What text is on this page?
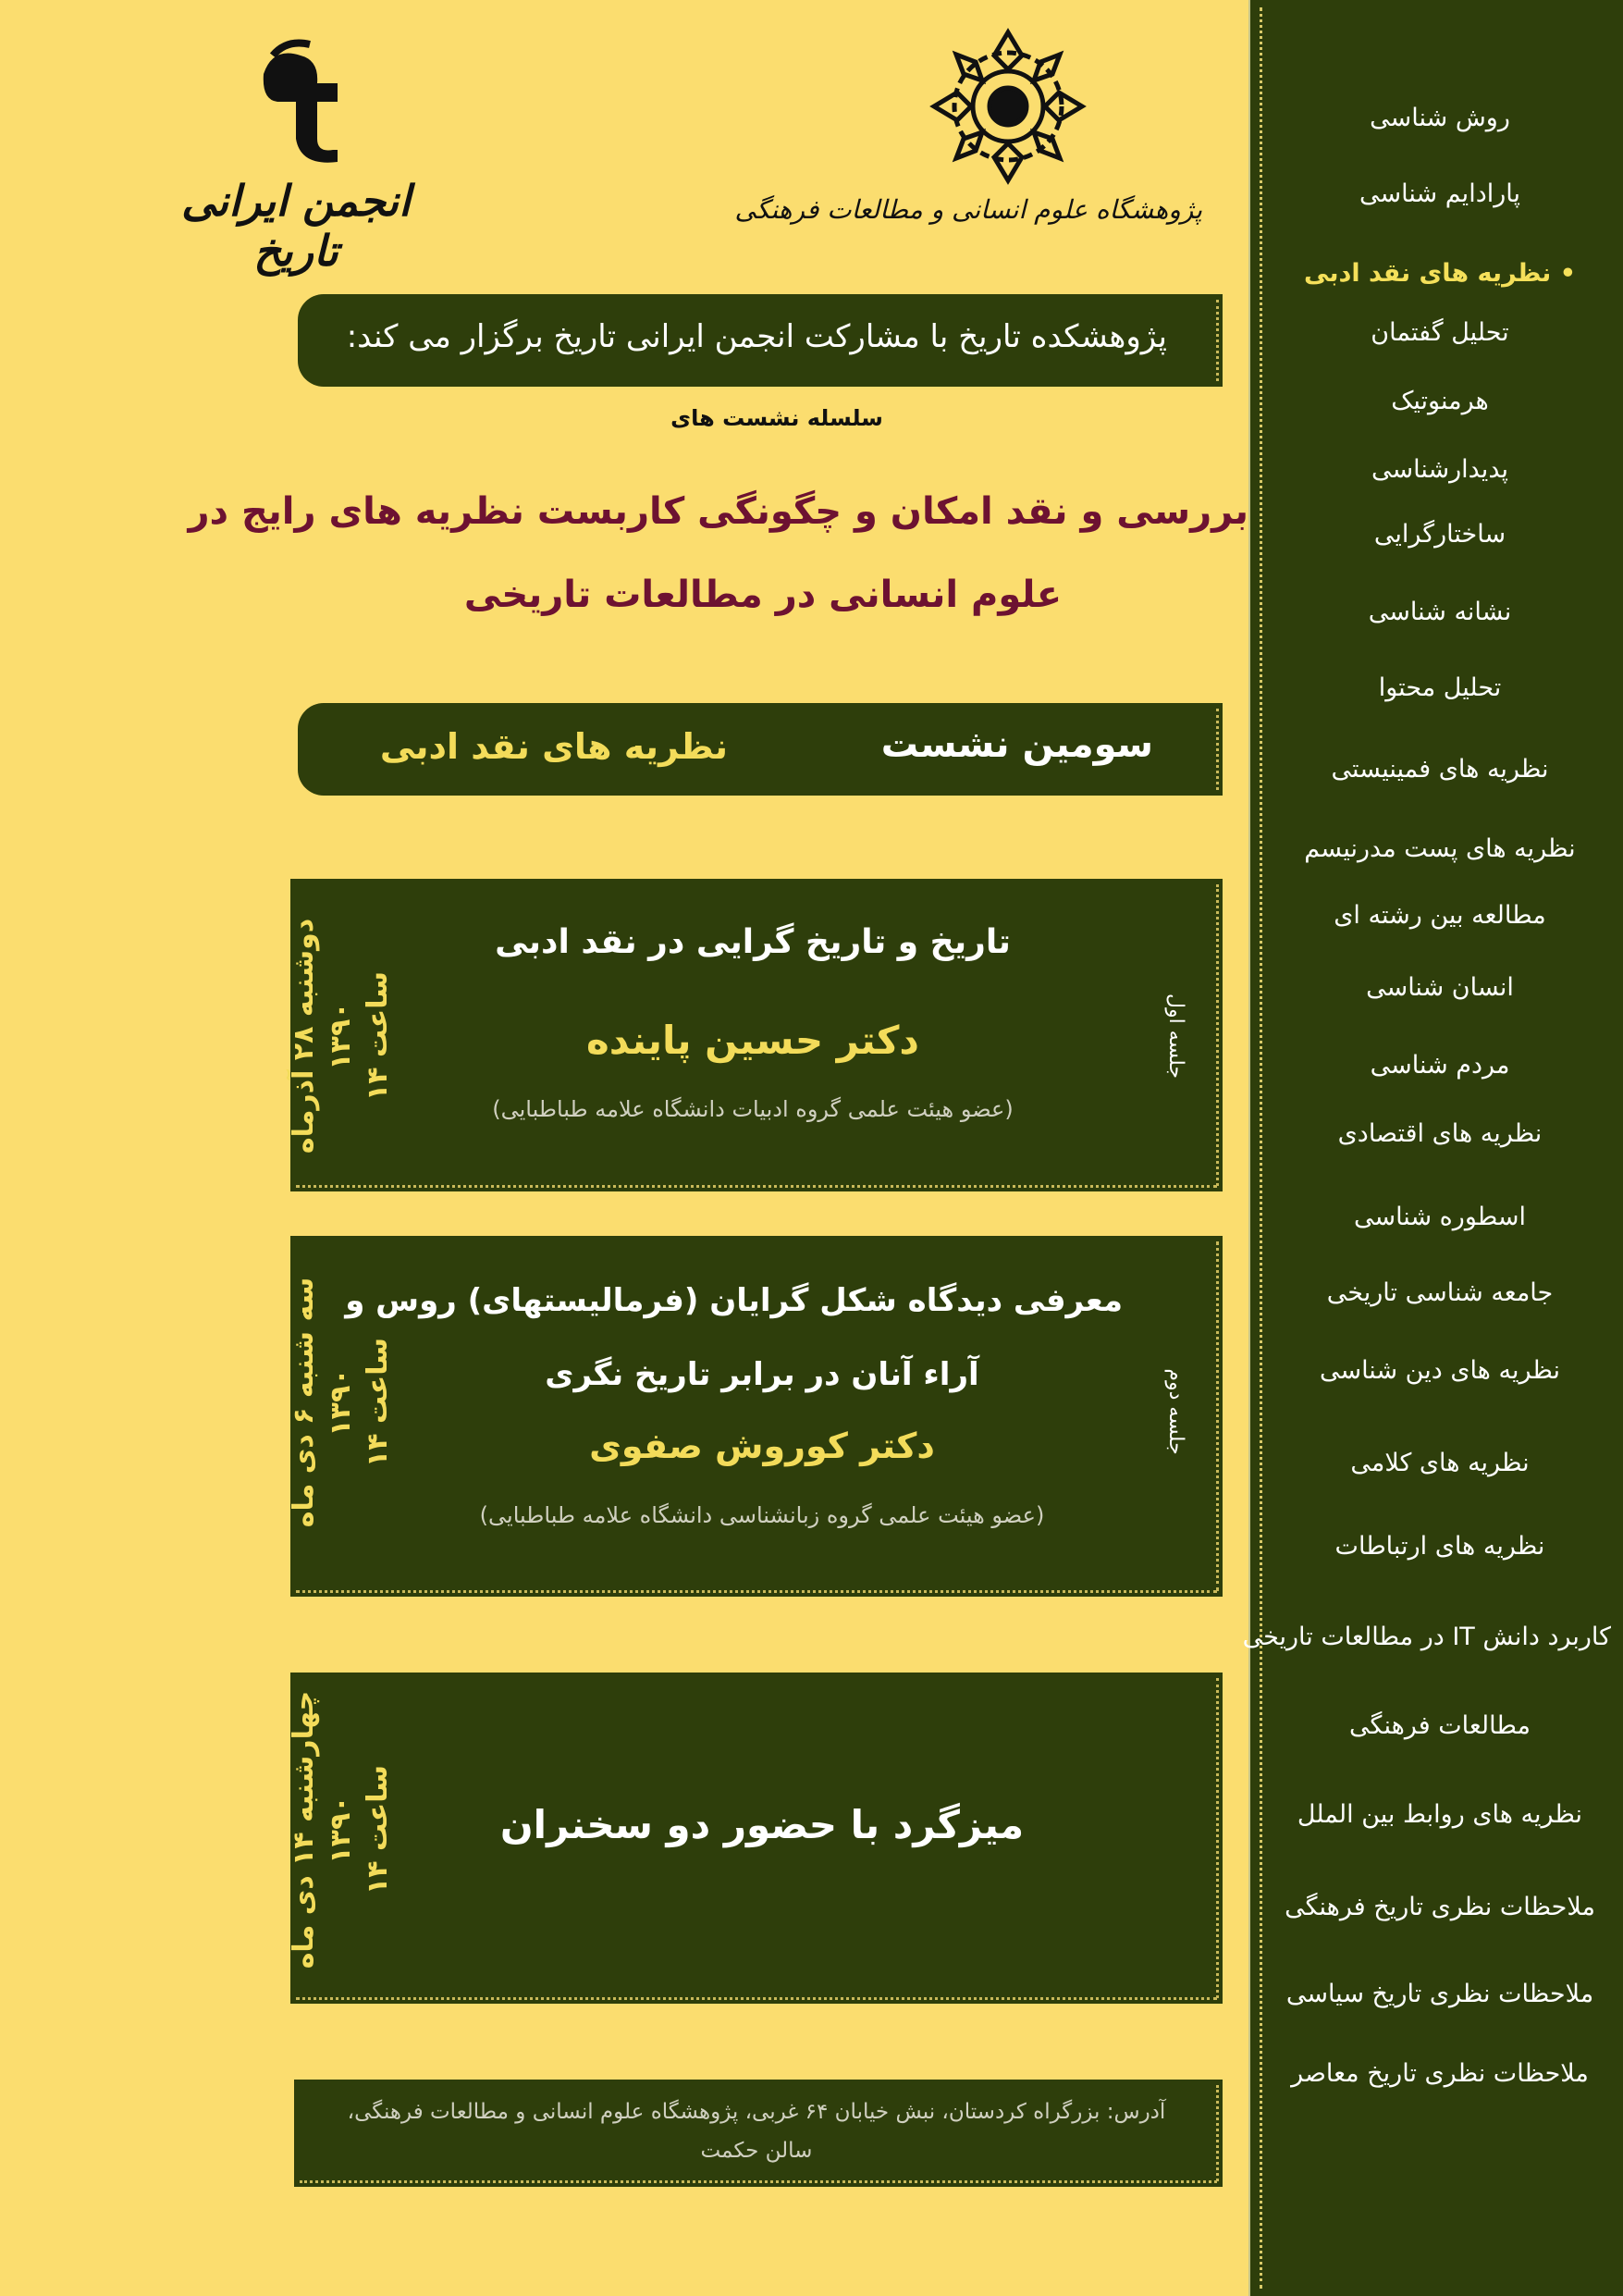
انجمن ایرانی تاریخ
پژوهشگاه علوم انسانی و مطالعات فرهنگی
پژوهشکده تاریخ با مشارکت انجمن ایرانی تاریخ برگزار می کند:
سلسله نشست های
بررسی و نقد امکان و چگونگی کاربست نظریه های رایج در
علوم انسانی در مطالعات تاریخی
سومین نشست
نظریه های نقد ادبی
دوشنبه ۲۸ آذرماه ۱۳۹۰
ساعت ۱۴	جلسه اول
تاریخ و تاریخ گرایی در نقد ادبی
دکتر حسین پاینده
(عضو هیئت علمی گروه ادبیات دانشگاه علامه طباطبایی)
سه شنبه ۶ دی ماه ۱۳۹۰
ساعت ۱۴	جلسه دوم
معرفی دیدگاه شکل گرایان (فرمالیستهای) روس و
آراء آنان در برابر تاریخ نگری
دکتر کوروش صفوی
(عضو هیئت علمی گروه زبانشناسی دانشگاه علامه طباطبایی)
چهارشنبه ۱۴ دی ماه ۱۳۹۰
ساعت ۱۴	میزگرد با حضور دو سخنران
آدرس: بزرگراه کردستان، نبش خیابان ۶۴ غربی، پژوهشگاه علوم انسانی و مطالعات فرهنگی،
سالن حکمت
روش شناسی
پارادایم شناسی
• نظریه های نقد ادبی
تحلیل گفتمان
هرمنوتیک
پدیدارشناسی
ساختارگرایی
نشانه شناسی
تحلیل محتوا
نظریه های فمینیستی
نظریه های پست مدرنیسم
مطالعه بین رشته ای
انسان شناسی
مردم شناسی
نظریه های اقتصادی
اسطوره شناسی
جامعه شناسی تاریخی
نظریه های دین شناسی
نظریه های کلامی
نظریه های ارتباطات
کاربرد دانش IT در مطالعات تاریخی
مطالعات فرهنگی
نظریه های روابط بین الملل
ملاحظات نظری تاریخ فرهنگی
ملاحظات نظری تاریخ سیاسی
ملاحظات نظری تاریخ معاصر
